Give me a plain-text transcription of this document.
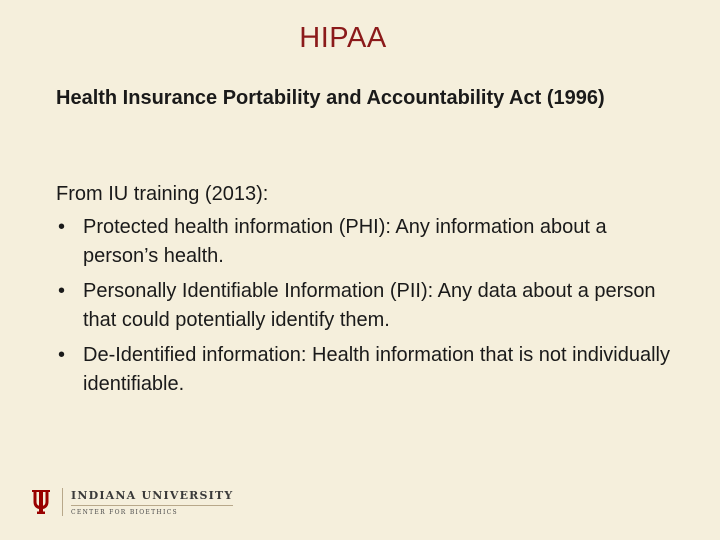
HIPAA
Health Insurance Portability and Accountability Act (1996)
From IU training (2013):
• Protected health information (PHI): Any information about a person’s health.
• Personally Identifiable Information (PII): Any data about a person that could potentially identify them.
• De-Identified information: Health information that is not individually identifiable.
INDIANA UNIVERSITY
CENTER FOR BIOETHICS
